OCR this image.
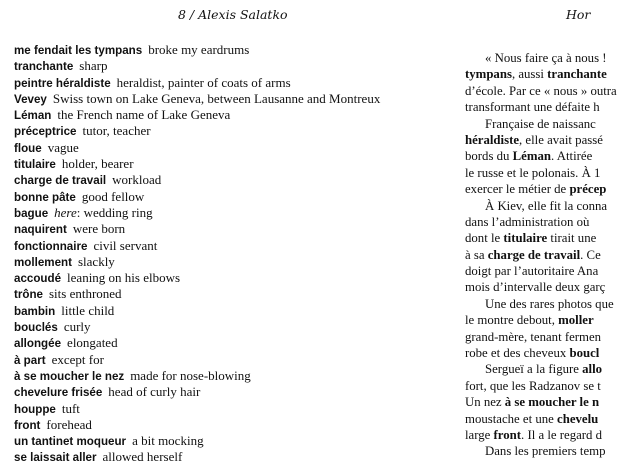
8 / Alexis Salatko	Hor
me fendait les tympans broke my eardrums
tranchante sharp
peintre héraldiste heraldist, painter of coats of arms
Vevey Swiss town on Lake Geneva, between Lausanne and Montreux
Léman the French name of Lake Geneva
préceptrice tutor, teacher
floue vague
titulaire holder, bearer
charge de travail workload
bonne pâte good fellow
bague here: wedding ring
naquirent were born
fonctionnaire civil servant
mollement slackly
accoudé leaning on his elbows
trône sits enthroned
bambin little child
bouclés curly
allongée elongated
à part except for
à se moucher le nez made for nose-blowing
chevelure frisée head of curly hair
houppe tuft
front forehead
un tantinet moqueur a bit mocking
se laissait aller allowed herself
« Nous faire ça à nous !
tympans, aussi tranchante
d’école. Par ce « nous » outra
transformant une défaite h
Française de naissanc
héraldiste, elle avait passé
bords du Léman. Attirée
le russe et le polonais. À 1
exercer le métier de précep
À Kiev, elle fit la conna
dans l’administration où
dont le titulaire tirait une
à sa charge de travail. Ce
doigt par l’autoritaire Ana
mois d’intervalle deux garç
Une des rares photos que
le montre debout, moller
grand-mère, tenant fermen
robe et des cheveux boucl
Sergueï a la figure allo
fort, que les Radzanov se t
Un nez à se moucher le n
moustache et une chevelu
large front. Il a le regard d
Dans les premiers temp
